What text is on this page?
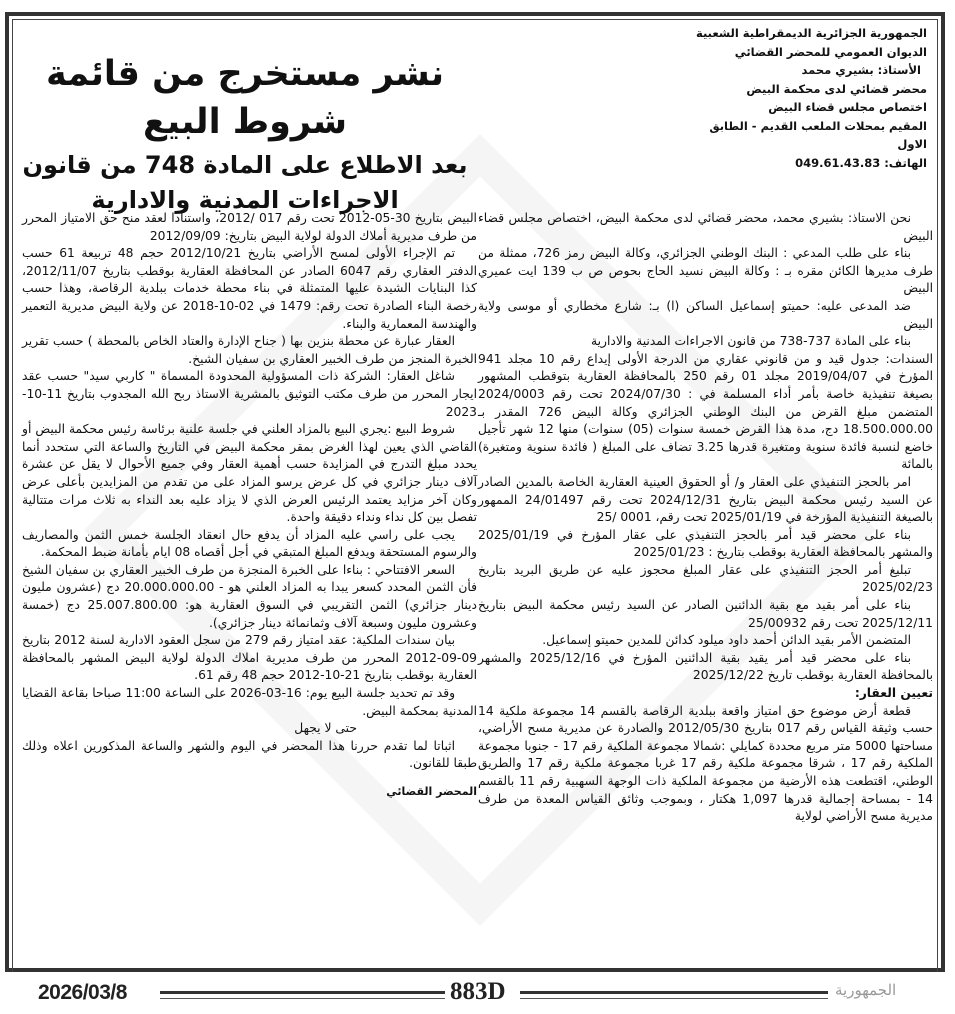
الجمهورية الجزائرية الديمقراطية الشعبية
الديوان العمومي للمحضر القضائي
الأستاذ: بشيري محمد
محضر قضائي لدى محكمة البيض
اختصاص مجلس قضاء البيض
المقيم بمحلات الملعب القديم - الطابق الاول
الهاتف: 049.61.43.83
نشر مستخرج من قائمة شروط البيع
بعد الاطلاع على المادة 748 من قانون الاجراءات المدنية والادارية

نحن الاستاذ: بشيري محمد، محضر قضائي لدى محكمة البيض، اختصاص مجلس قضاء البيض

بناء على طلب المدعي : البنك الوطني الجزائري، وكالة البيض رمز 726، ممثلة من طرف مديرها الكائن مقره بـ : وكالة البيض نسيد الحاج بحوص ص ب 139 ايت عميري البيض

ضد المدعى عليه: حميتو إسماعيل الساكن (ا) بـ: شارع مخطاري أو موسى ولاية البيض

بناء على المادة 737-738 من قانون الاجراءات المدنية والادارية

السندات: جدول قيد و من قانوني عقاري من الدرجة الأولى إيداع رقم 10 مجلد 941 المؤرخ في 2019/04/07 مجلد 01 رقم 250 بالمحافظة العقارية بتوقطب المشهور بصيغة تنفيذية خاصة بأمر أداء المسلمة في : 2024/07/30 تحت رقم 2024/0003 المتضمن مبلغ القرض من البنك الوطني الجزائري وكالة البيض 726 المقدر بـ 18.500.000.00 دج، مدة هذا القرض خمسة سنوات (05) سنوات) منها 12 شهر تأجيل خاضع لنسبة فائدة سنوية ومتغيرة قدرها 3.25 تضاف على المبلغ ( فائدة سنوية ومتغيرة) بالمائة

امر بالحجز التنفيذي على العقار و/ أو الحقوق العينية العقارية الخاصة بالمدين الصادر عن السيد رئيس محكمة البيض بتاريخ 2024/12/31 تحت رقم 24/01497 الممهور بالصيغة التنفيذية المؤرخة في 2025/01/19 تحت رقم، 0001 /25

بناء على محضر قيد أمر بالحجز التنفيذي على عقار المؤرخ في 2025/01/19 والمشهر بالمحافظة العقارية بوقطب بتاريخ : 2025/01/23

تبليغ أمر الحجز التنفيذي على عقار المبلغ محجوز عليه عن طريق البريد بتاريخ 2025/02/23

بناء على أمر بقيد مع بقية الدائنين الصادر عن السيد رئيس محكمة البيض بتاريخ 2025/12/11 تحت رقم 25/00932

المتضمن الأمر بقيد الدائن أحمد داود ميلود كدائن للمدين حميتو إسماعيل.

بناء على محضر قيد أمر يقيد بقية الدائنين المؤرخ في 2025/12/16 والمشهر بالمحافظة العقارية بوقطب تاريخ 2025/12/22

تعيين العقار:

قطعة أرض موضوع حق امتياز واقعة ببلدية الرقاصة بالقسم 14 مجموعة ملكية 14 حسب وثيقة القياس رقم 017 بتاريخ 2012/05/30 والصادرة عن مديرية مسح الأراضي، مساحتها 5000 متر مربع محددة كمايلي :شمالا مجموعة الملكية رقم 17 - جنوبا مجموعة الملكية رقم 17 ، شرقا مجموعة ملكية رقم 17 غربا مجموعة ملكية رقم 17 والطريق الوطني، اقتطعت هذه الأرضية من مجموعة الملكية ذات الوجهة السهبية رقم 11 بالقسم 14 - بمساحة إجمالية قدرها 1,097 هكتار ، وبموجب وثائق القياس المعدة من طرف مديرية مسح الأراضي لولاية

البيض بتاريخ 30-05-2012 تحت رقم 017 /2012، واستنادا لعقد منح حق الامتياز المحرر من طرف مديرية أملاك الدولة لولاية البيض بتاريخ: 2012/09/09

تم الإجراء الأولى لمسح الأراضي بتاريخ 2012/10/21 حجم 48 تربيعة 61 حسب الدفتر العقاري رقم 6047 الصادر عن المحافظة العقارية بوقطب بتاريخ 2012/11/07، كذا البنايات الشيدة عليها المتمثلة في بناء محطة خدمات ببلدية الرقاصة، وهذا حسب رخصة البناء الصادرة تحت رقم: 1479 في 02-10-2018 عن ولاية البيض مديرية التعمير والهندسة المعمارية والبناء.

العقار عبارة عن محطة بنزين بها ( جناح الإدارة والعتاد الخاص بالمحطة ) حسب تقرير الخبرة المنجز من طرف الخبير العقاري بن سفيان الشيخ.

شاغل العقار: الشركة ذات المسؤولية المحدودة المسماة " كاربي سيد" حسب عقد ايجار المحرر من طرف مكتب التوثيق بالمشرية الاستاذ ربح الله المجدوب بتاريخ 11-10-2023

شروط البيع :يجري البيع بالمزاد العلني في جلسة علنية برئاسة رئيس محكمة البيض أو القاضي الذي يعين لهذا الغرض بمقر محكمة البيض في التاريخ والساعة التي ستحدد أنما يحدد مبلغ التدرج في المزايدة حسب أهمية العقار وفي جميع الأحوال لا يقل عن عشرة آلاف دينار جزائري في كل عرض يرسو المزاد على من تقدم من المزايدين بأعلى عرض وكان آخر مزايد يعتمد الرئيس العرض الذي لا يزاد عليه بعد النداء به ثلاث مرات متتالية تفصل بين كل نداء ونداء دقيقة واحدة.

يجب على راسي عليه المزاد أن يدفع حال انعقاد الجلسة خمس الثمن والمصاريف والرسوم المستحقة ويدفع المبلغ المتبقي في أجل أقصاه 08 ايام بأمانة ضبط المحكمة.

السعر الافتتاحي : بناءا على الخبرة المنجزة من طرف الخبير العقاري بن سفيان الشيخ فأن الثمن المحدد كسعر يبدا به المزاد العلني هو - 20.000.000.00 دج (عشرون مليون دينار جزائري) الثمن التقريبي في السوق العقارية هو: 25.007.800.00 دج (خمسة وعشرون مليون وسبعة آلاف وثمانمائة دينار جزائري).

بيان سندات الملكية: عقد امتياز رقم 279 من سجل العقود الادارية لسنة 2012 بتاريخ 09-09-2012 المحرر من طرف مديرية املاك الدولة لولاية البيض المشهر بالمحافظة العقارية بوقطب بتاريخ 21-10-2012 حجم 48 رقم 61.

وقد تم تحديد جلسة البيع يوم: 16-03-2026 على الساعة 11:00 صباحا بقاعة القضايا المدنية بمحكمة البيض.

حتى لا يجهل

اثباتا لما تقدم حررنا هذا المحضر في اليوم والشهر والساعة المذكورين اعلاه وذلك طبقا للقانون.

المحضر القضائي

2026/03/8	883D	الجمهورية
